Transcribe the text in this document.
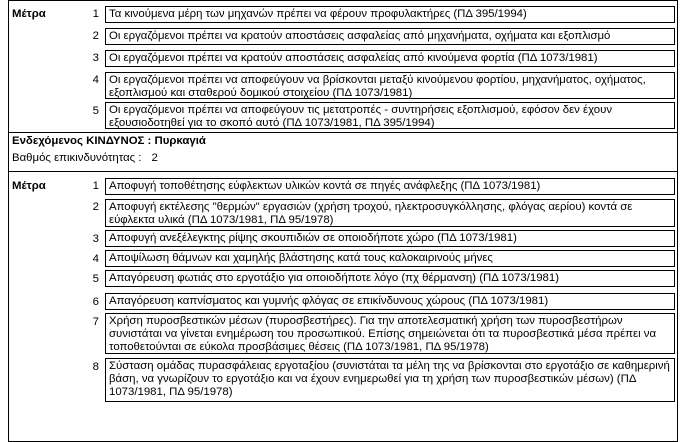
Μέτρα	1 Τα κινούμενα μέρη των μηχανών πρέπει να φέρουν προφυλακτήρες (ΠΔ 395/1994)
2 Οι εργαζόμενοι πρέπει να κρατούν αποστάσεις ασφαλείας από μηχανήματα, οχήματα και εξοπλισμό
3 Οι εργαζόμενοι πρέπει να κρατούν αποστάσεις ασφαλείας από κινούμενα φορτία (ΠΔ 1073/1981)
4 Οι εργαζόμενοι πρέπει να αποφεύγουν να βρίσκονται μεταξύ κινούμενου φορτίου, μηχανήματος, οχήματος, εξοπλισμού και σταθερού δομικού στοιχείου (ΠΔ 1073/1981)
5 Οι εργαζόμενοι πρέπει να αποφεύγουν τις μετατροπές - συντηρήσεις εξοπλισμού, εφόσον δεν έχουν εξουσιοδοτηθεί για το σκοπό αυτό (ΠΔ 1073/1981, ΠΔ 395/1994)
Ενδεχόμενος ΚΙΝΔΥΝΟΣ : Πυρκαγιά
Βαθμός επικινδυνότητας : 2
Μέτρα	1 Αποφυγή τοποθέτησης εύφλεκτων υλικών κοντά σε πηγές ανάφλεξης (ΠΔ 1073/1981)
2 Αποφυγή εκτέλεσης "θερμών" εργασιών (χρήση τροχού, ηλεκτροσυγκόλλησης, φλόγας αερίου) κοντά σε εύφλεκτα υλικά (ΠΔ 1073/1981, ΠΔ 95/1978)
3 Αποφυγή ανεξέλεγκτης ρίψης σκουπιδιών σε οποιοδήποτε χώρο (ΠΔ 1073/1981)
4 Αποψίλωση θάμνων και χαμηλής βλάστησης κατά τους καλοκαιρινούς μήνες
5 Απαγόρευση φωτιάς στο εργοτάξιο για οποιοδήποτε λόγο (πχ θέρμανση) (ΠΔ 1073/1981)
6 Απαγόρευση καπνίσματος και γυμνής φλόγας σε επικίνδυνους χώρους (ΠΔ 1073/1981)
7 Χρήση πυροσβεστικών μέσων (πυροσβεστήρες). Για την αποτελεσματική χρήση των πυροσβεστήρων συνιστάται να γίνεται ενημέρωση του προσωπικού. Επίσης σημειώνεται ότι τα πυροσβεστικά μέσα πρέπει να τοποθετούνται σε εύκολα προσβάσιμες θέσεις (ΠΔ 1073/1981, ΠΔ 95/1978)
8 Σύσταση ομάδας πυρασφάλειας εργοταξίου (συνιστάται τα μέλη της να βρίσκονται στο εργοτάξιο σε καθημερινή βάση, να γνωρίζουν το εργοτάξιο και να έχουν ενημερωθεί για τη χρήση των πυροσβεστικών μέσων) (ΠΔ 1073/1981, ΠΔ 95/1978)
